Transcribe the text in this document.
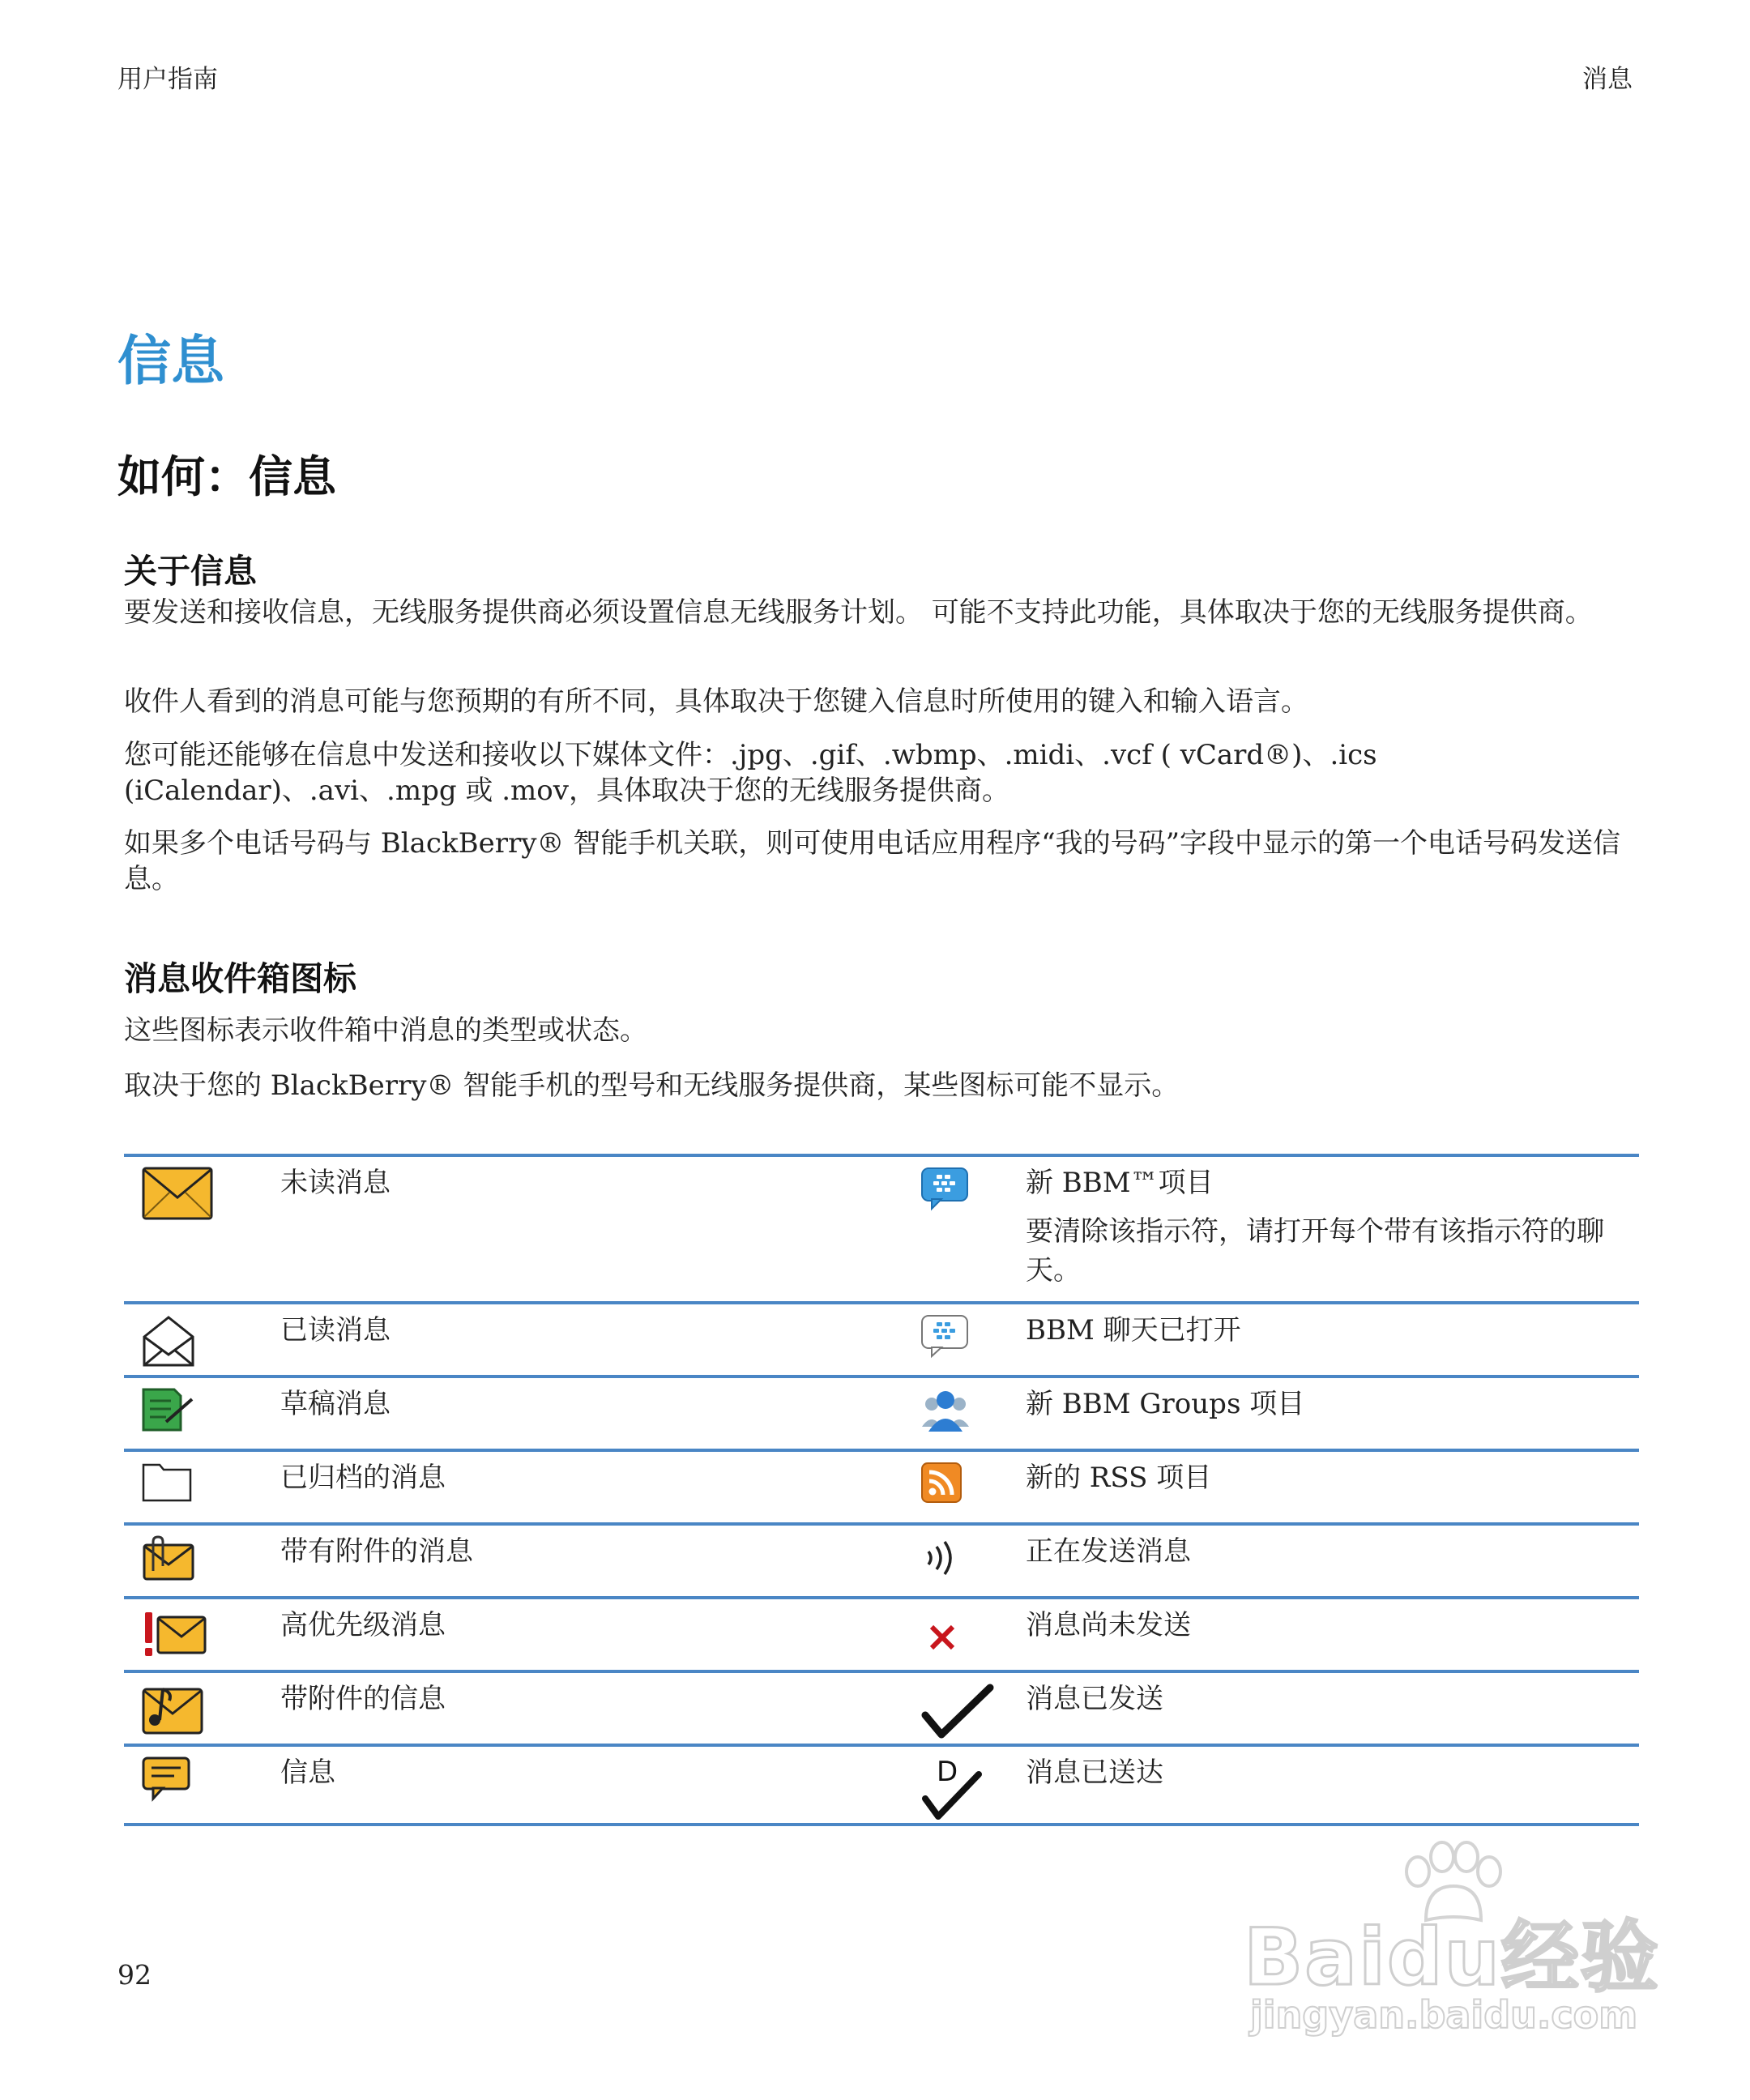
用户指南	消息
信息
如何：信息
关于信息

要发送和接收信息，无线服务提供商必须设置信息无线服务计划。 可能不支持此功能，具体取决于您的无线服务提供商。

收件人看到的消息可能与您预期的有所不同，具体取决于您键入信息时所使用的键入和输入语言。

您可能还能够在信息中发送和接收以下媒体文件：.jpg、.gif、.wbmp、.midi、.vcf ( vCard®)、.ics (iCalendar)、.avi、.mpg 或 .mov，具体取决于您的无线服务提供商。

如果多个电话号码与 BlackBerry® 智能手机关联，则可使用电话应用程序“我的号码”字段中显示的第一个电话号码发送信息。

消息收件箱图标

这些图标表示收件箱中消息的类型或状态。

取决于您的 BlackBerry® 智能手机的型号和无线服务提供商，某些图标可能不显示。

	未读消息		新 BBM™项目
要清除该指示符，请打开每个带有该指示符的聊天。

	已读消息		BBM 聊天已打开

	草稿消息		新 BBM Groups 项目

	已归档的消息		新的 RSS 项目

	带有附件的消息		正在发送消息

	高优先级消息		消息尚未发送

	带附件的信息		消息已发送

	信息	D	消息已送达
92	Baidu经验
jingyan.baidu.com
